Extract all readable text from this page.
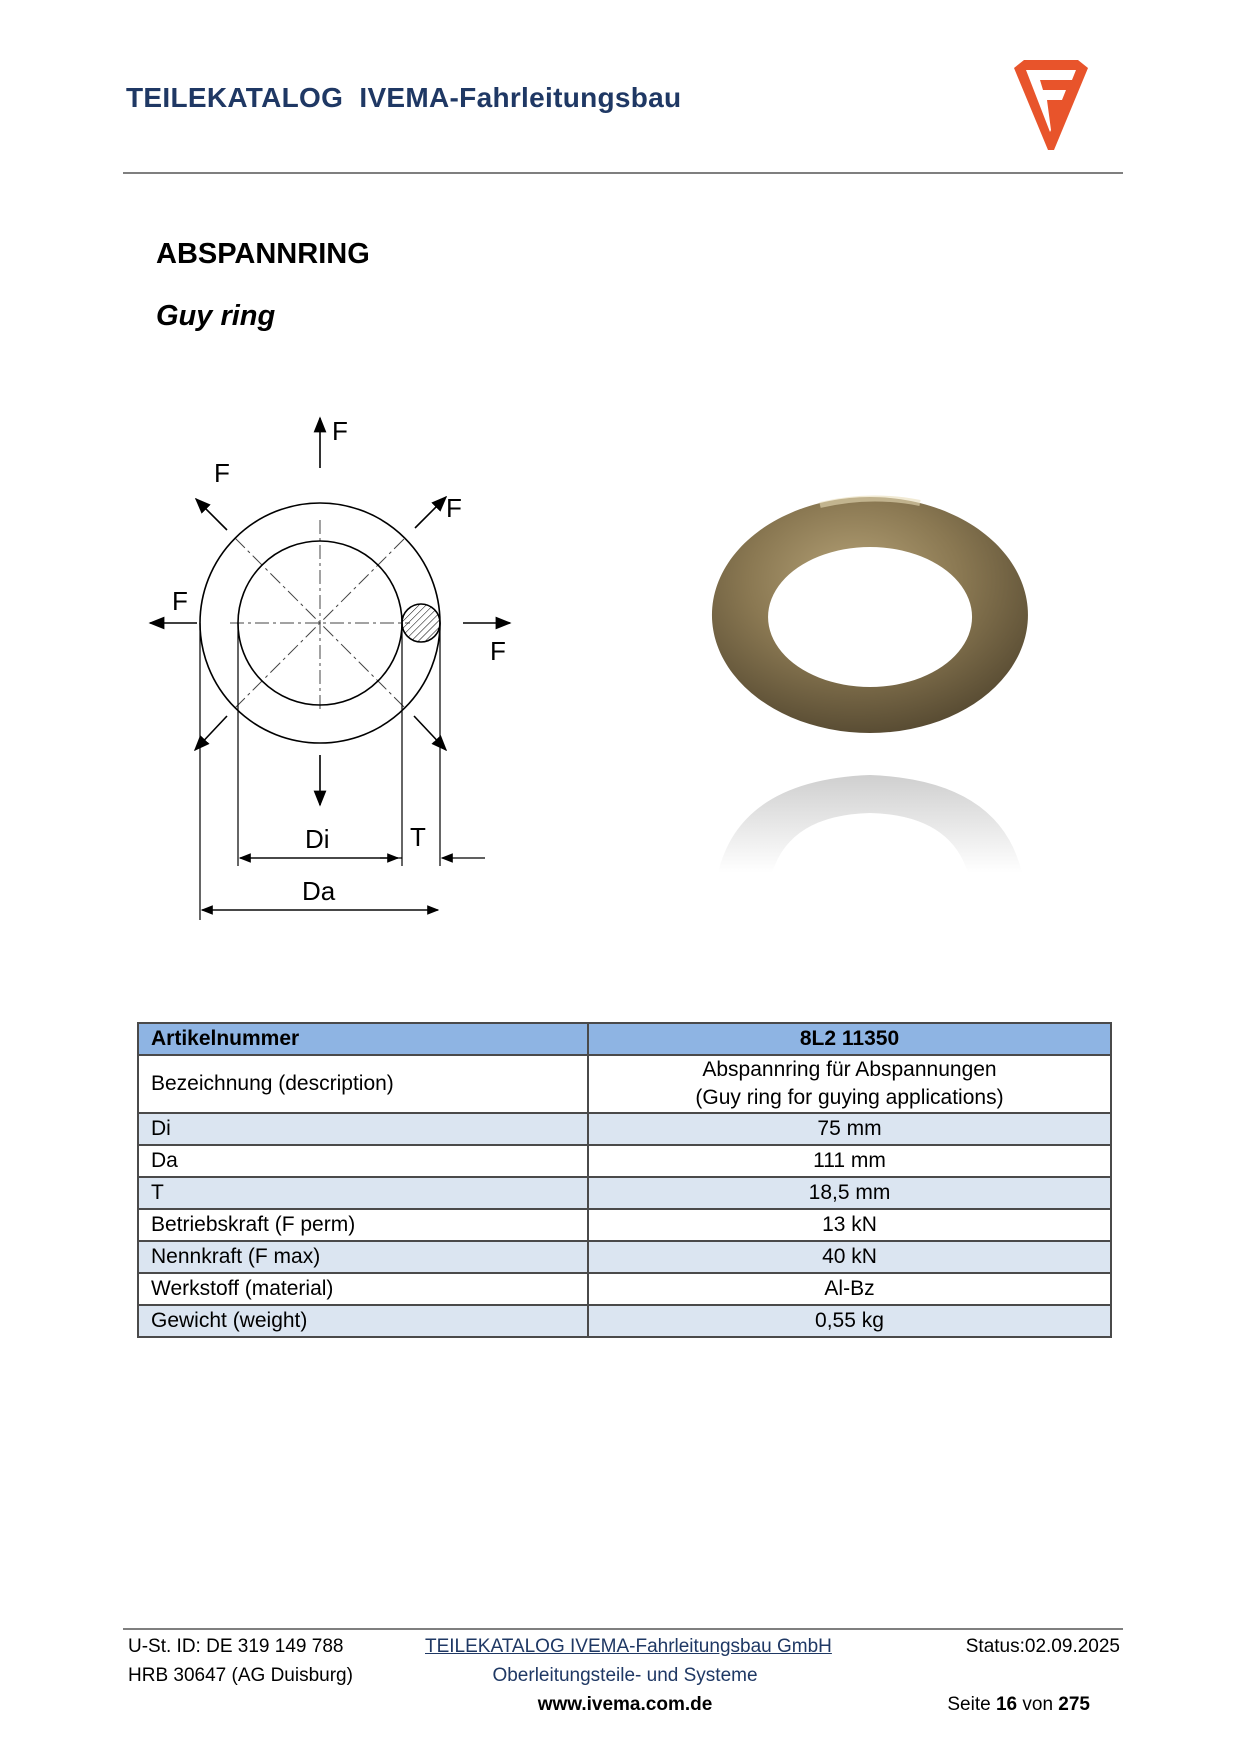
TEILEKATALOG  IVEMA-Fahrleitungsbau
ABSPANNRING
Guy ring
F
F
F
F
F
Di	T
Da
Artikelnummer	8L2 11350
Bezeichnung (description)	Abspannring für Abspannungen
(Guy ring for guying applications)

Di	75 mm
Da	111 mm
T	18,5 mm
Betriebskraft (F perm)	13 kN
Nennkraft (F max)	40 kN
Werkstoff (material)	Al-Bz
Gewicht (weight)	0,55 kg
U-St. ID: DE 319 149 788
HRB 30647 (AG Duisburg)
TEILEKATALOG IVEMA-Fahrleitungsbau GmbH
Oberleitungsteile- und Systeme
www.ivema.com.de
Status:02.09.2025
Seite 16 von 275
